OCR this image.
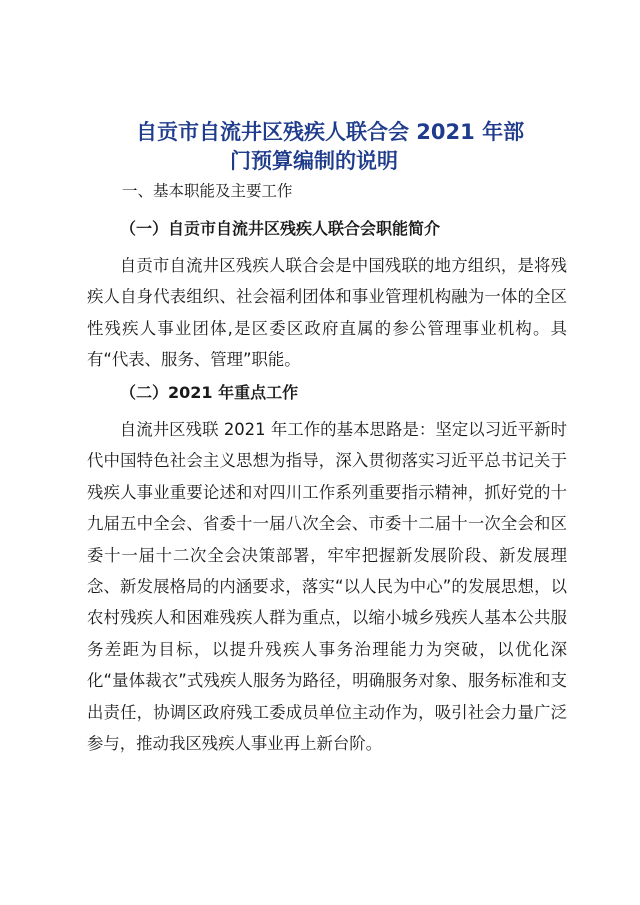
自贡市自流井区残疾人联合会 2021 年部
门预算编制的说明
一、基本职能及主要工作
（一）自贡市自流井区残疾人联合会职能简介
自贡市自流井区残疾人联合会是中国残联的地方组织，是将残疾人自身代表组织、社会福利团体和事业管理机构融为一体的全区性残疾人事业团体,是区委区政府直属的参公管理事业机构。具有“代表、服务、管理”职能。
（二）2021 年重点工作
自流井区残联 2021 年工作的基本思路是：坚定以习近平新时代中国特色社会主义思想为指导，深入贯彻落实习近平总书记关于残疾人事业重要论述和对四川工作系列重要指示精神，抓好党的十九届五中全会、省委十一届八次全会、市委十二届十一次全会和区委十一届十二次全会决策部署，牢牢把握新发展阶段、新发展理念、新发展格局的内涵要求，落实“以人民为中心”的发展思想，以农村残疾人和困难残疾人群为重点，以缩小城乡残疾人基本公共服务差距为目标，以提升残疾人事务治理能力为突破，以优化深化“量体裁衣”式残疾人服务为路径，明确服务对象、服务标准和支出责任，协调区政府残工委成员单位主动作为，吸引社会力量广泛参与，推动我区残疾人事业再上新台阶。
